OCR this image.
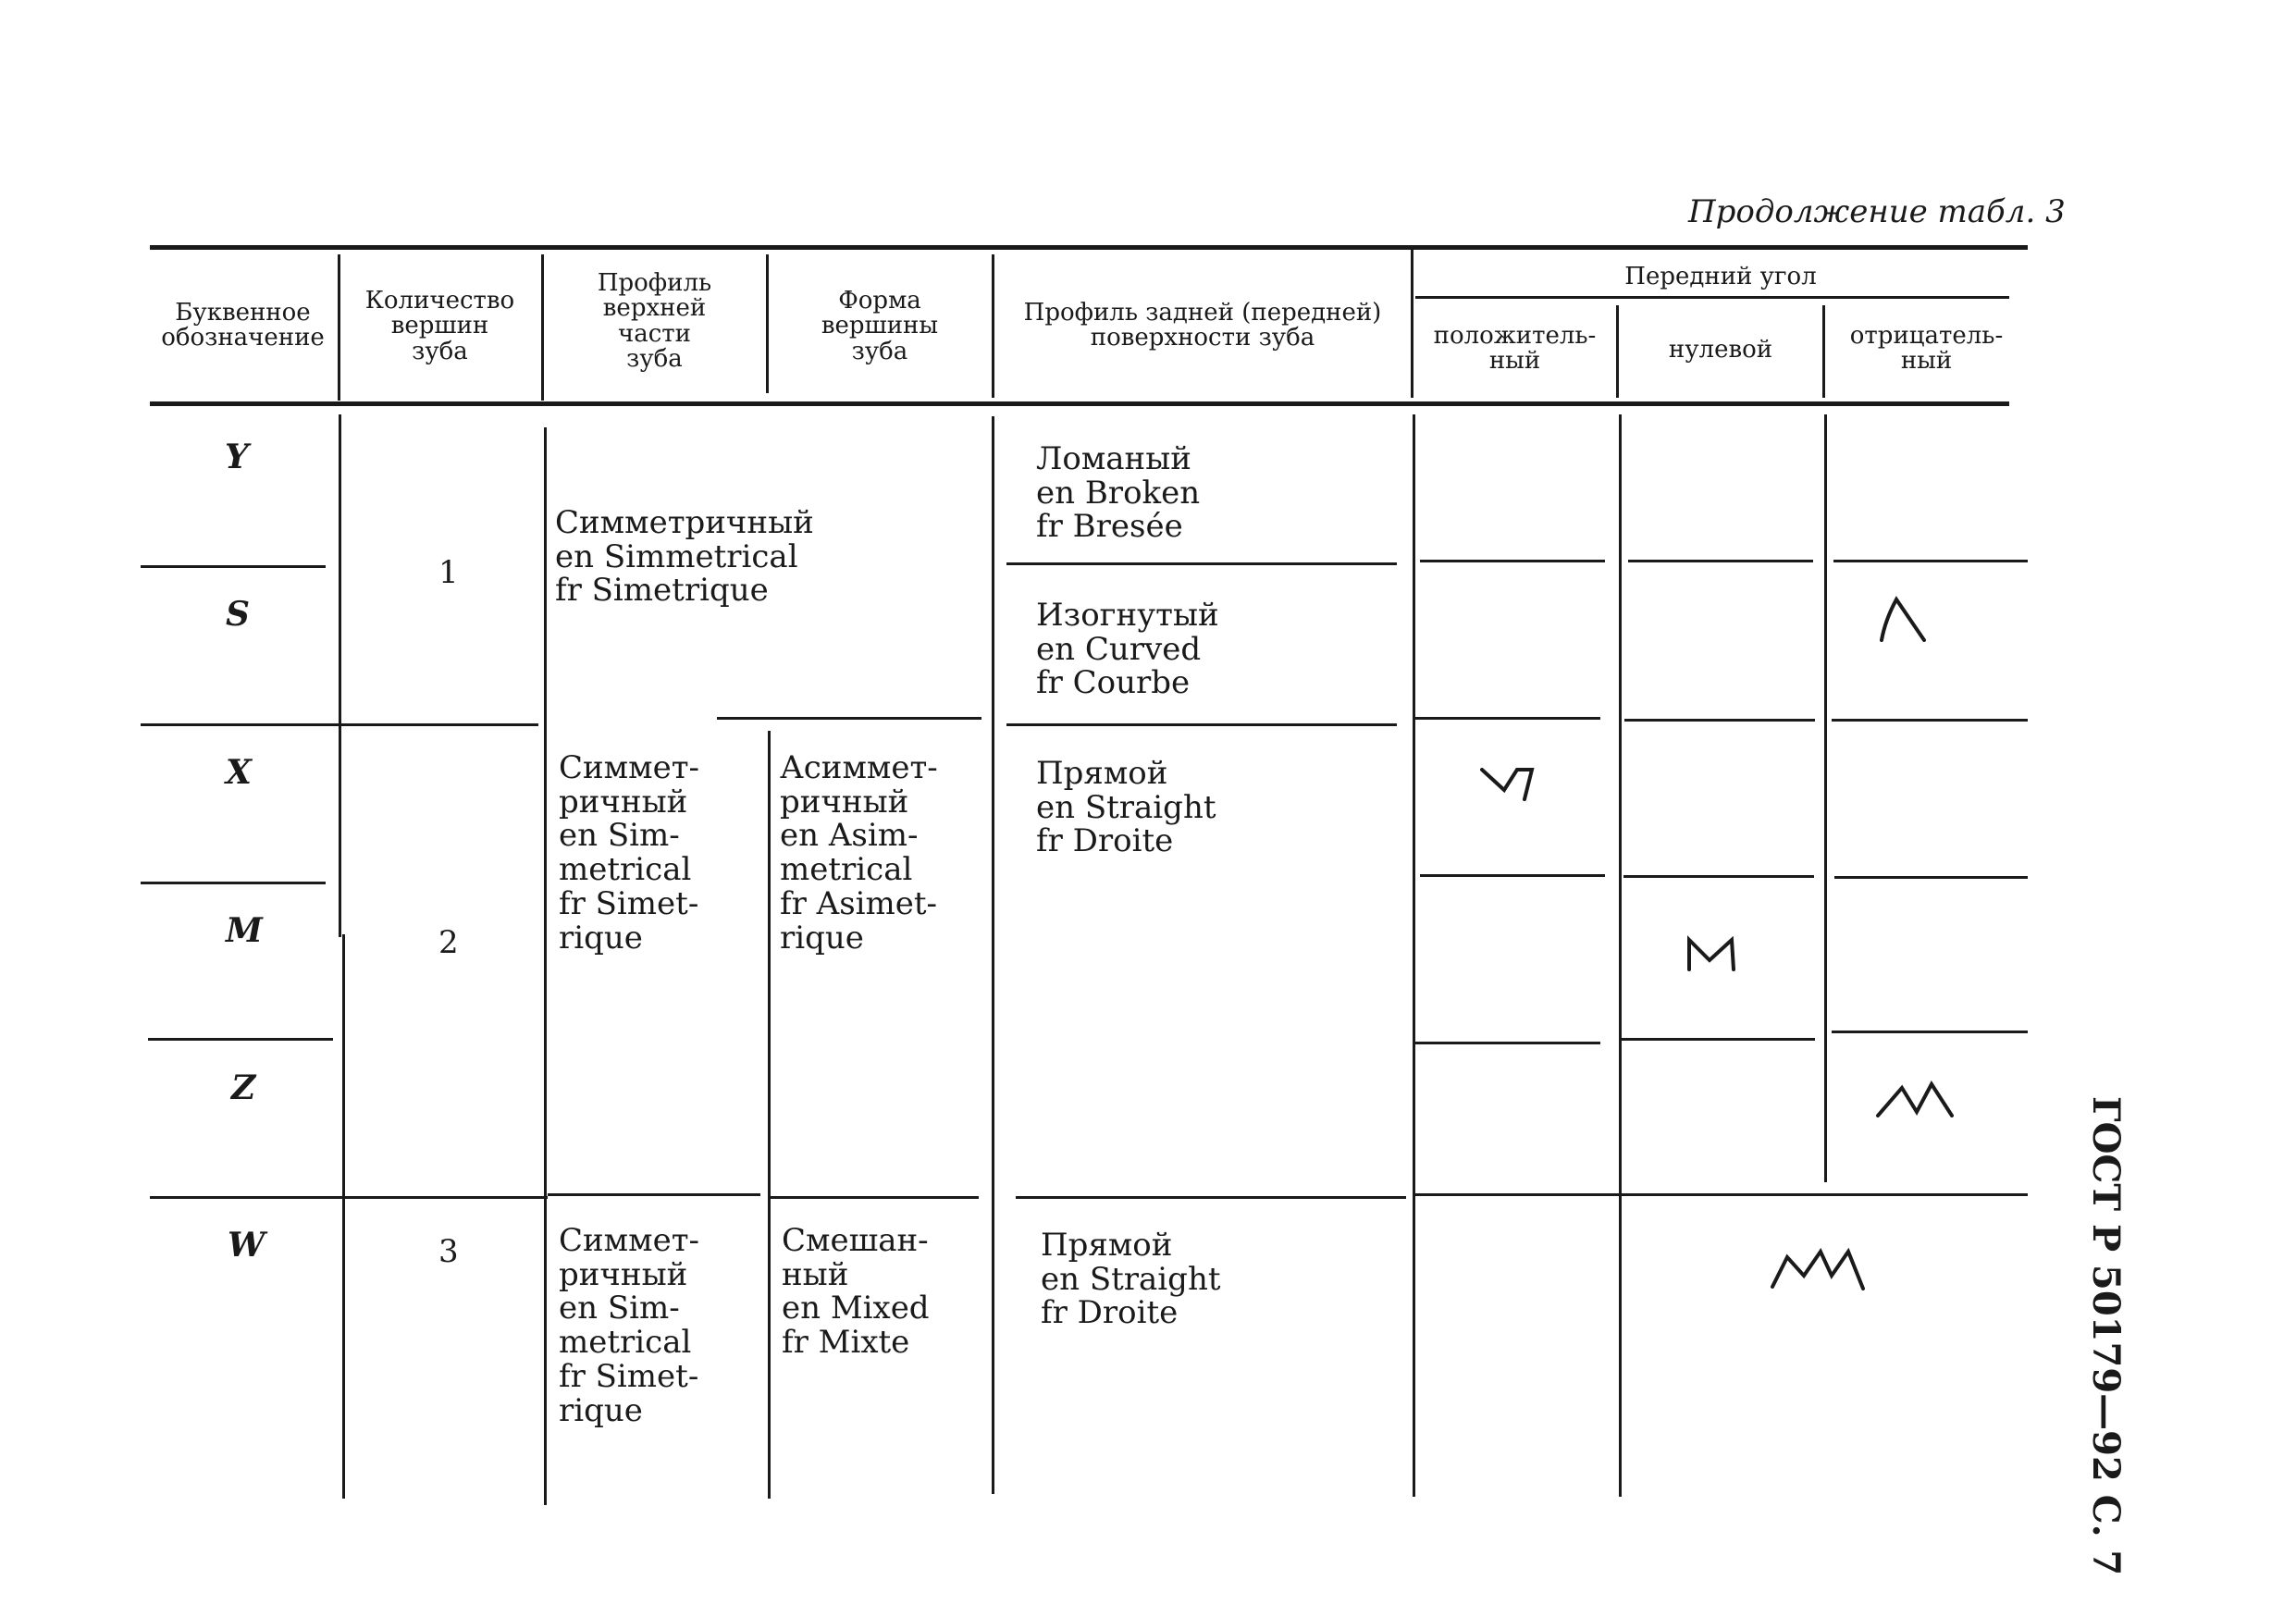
Продолжение табл. 3
ГОСТ Р 50179—92 С. 7
Буквенное
обозначение
Количество
вершин
зуба
Профиль
верхней
части
зуба
Форма
вершины
зуба
Профиль задней (передней)
поверхности зуба
Передний угол
положитель-
ный	нулевой	отрицатель-
ный
Y
S
X
M
Z
W
1
2
3
Симметричный
en Simmetrical
fr Simetrique
Ломаный
en Broken
fr Bresée
Изогнутый
en Curved
fr Courbe
Симмет-
ричный
en Sim-
metrical
fr Simet-
rique
Асиммет-
ричный
en Asim-
metrical
fr Asimet-
rique
Прямой
en Straight
fr Droite
Симмет-
ричный
en Sim-
metrical
fr Simet-
rique
Смешан-
ный
en Mixed
fr Mixte
Прямой
en Straight
fr Droite
